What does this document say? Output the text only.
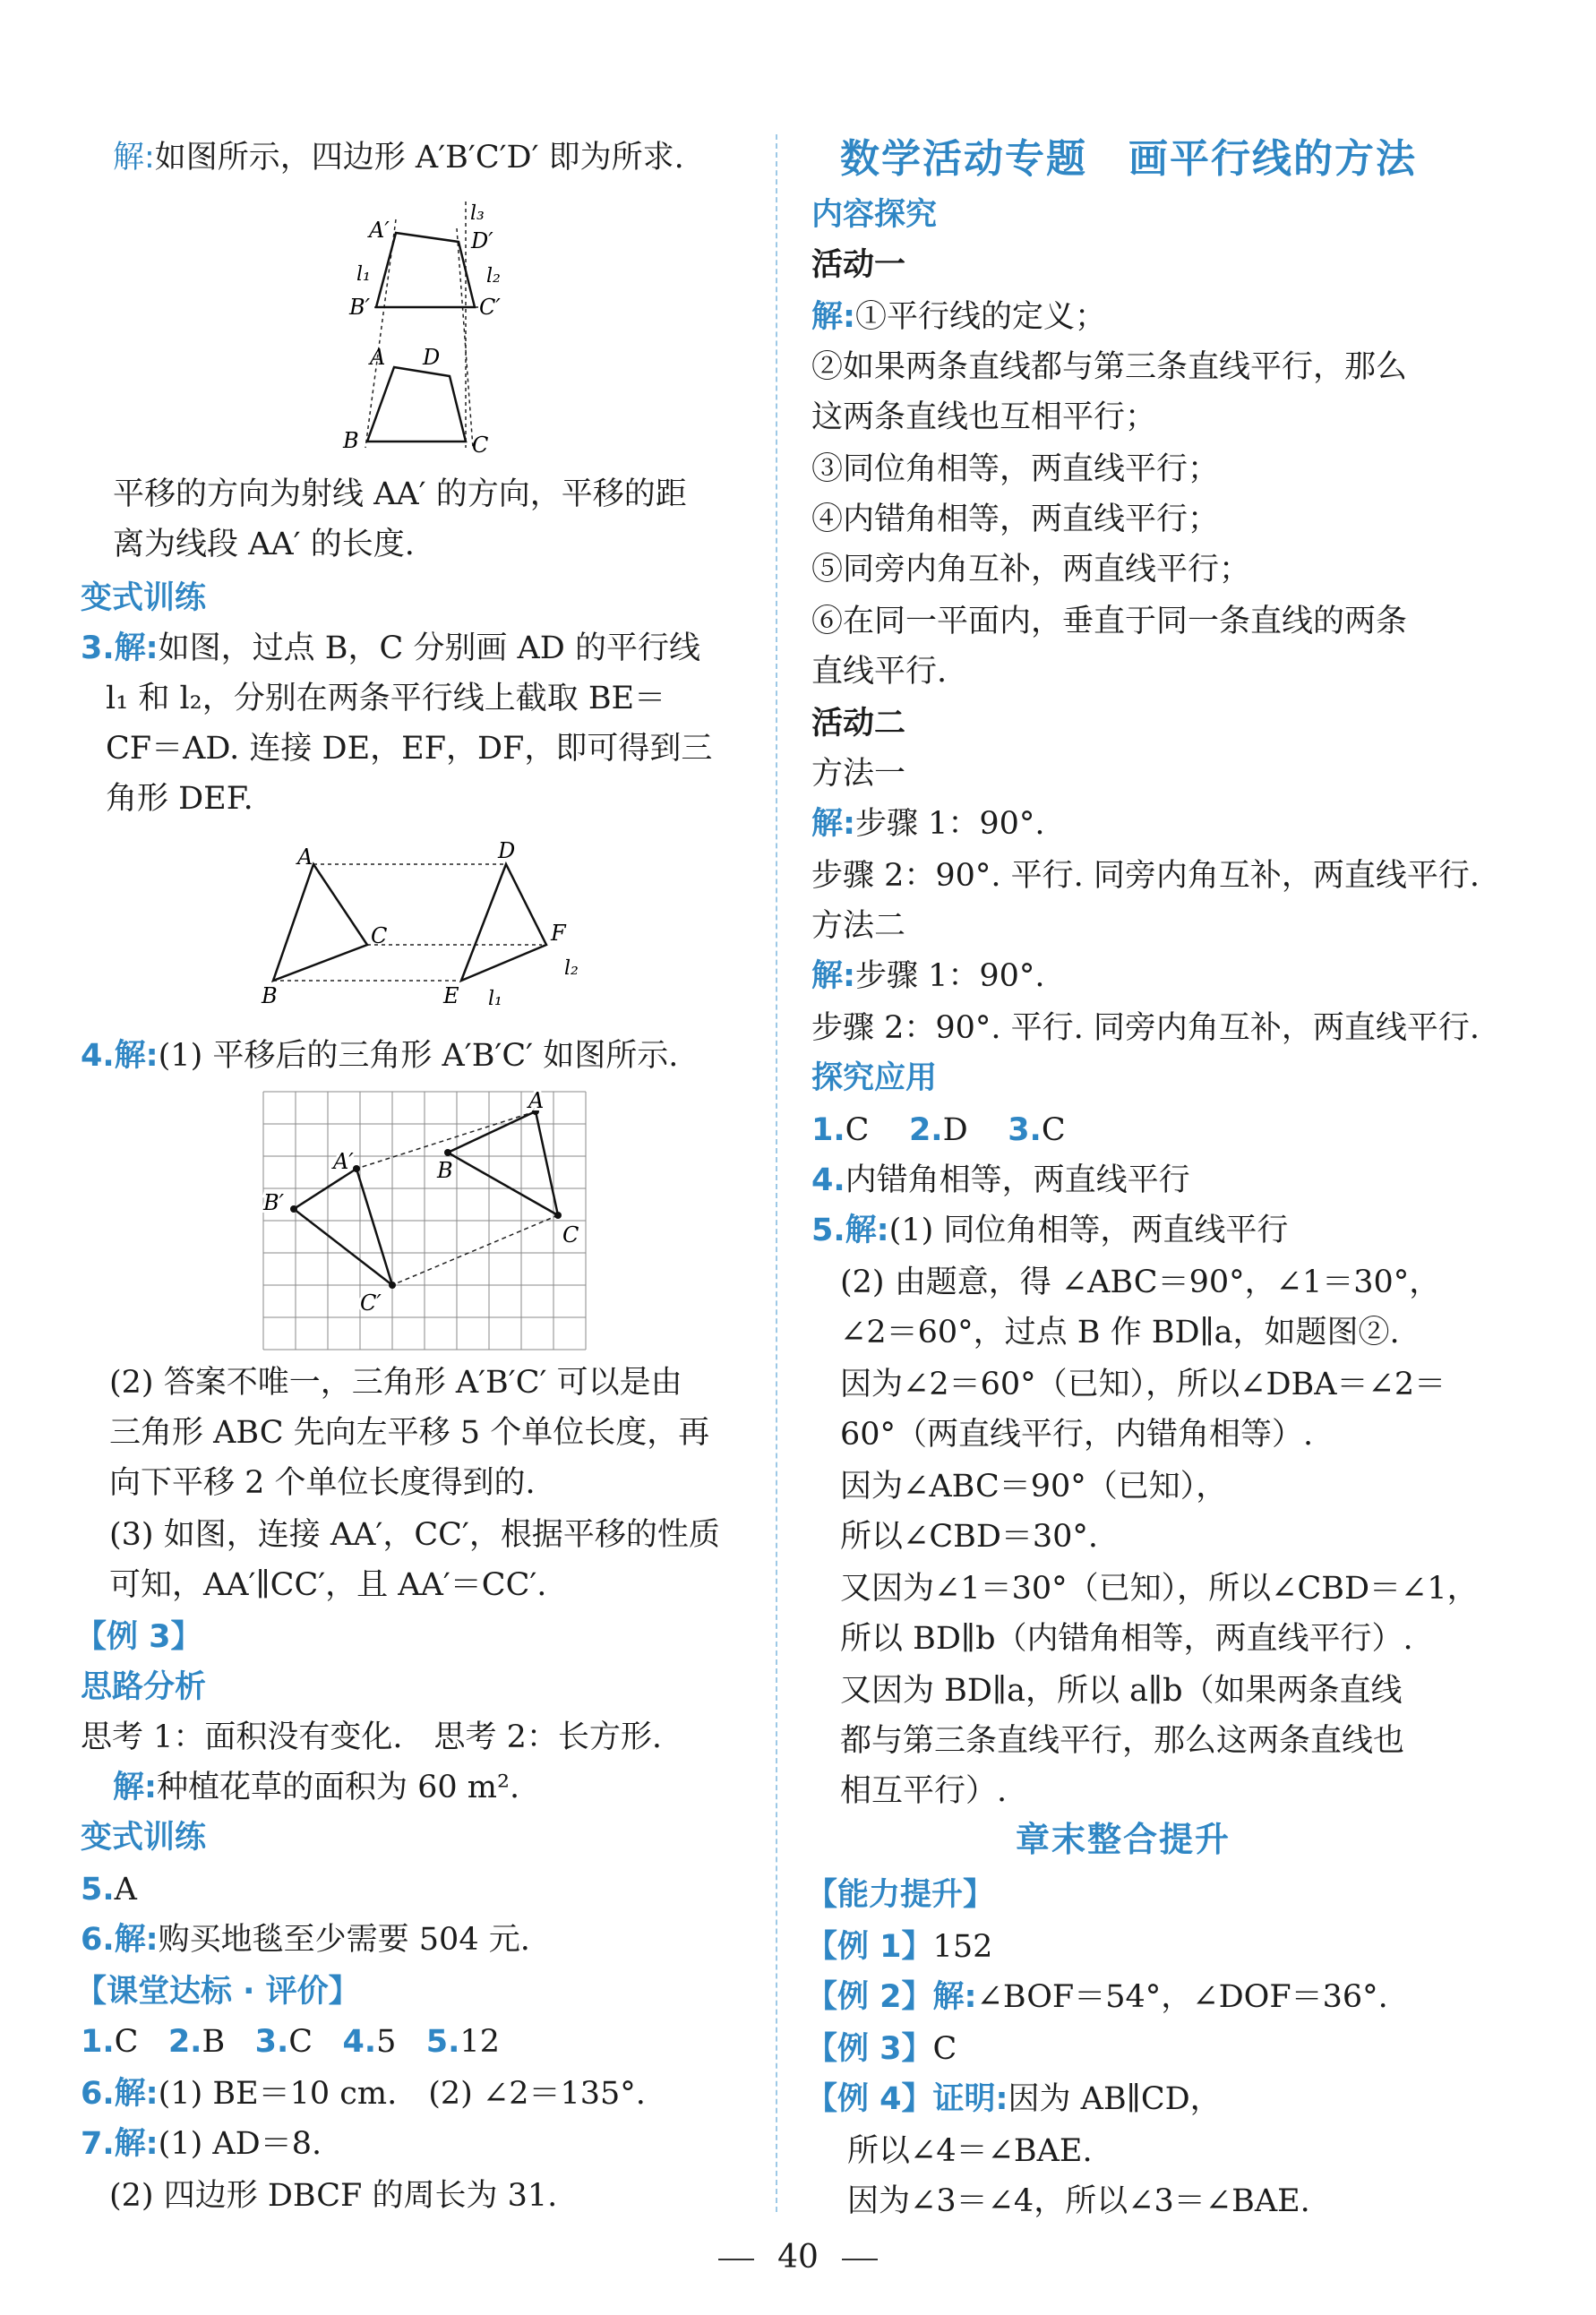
解:如图所示，四边形 A′B′C′D′ 即为所求.
A′	D′
l₃
l₁	l₂
B′	C′
A D
B	C
平移的方向为射线 AA′ 的方向，平移的距
离为线段 AA′ 的长度.
变式训练
3.解:如图，过点 B，C 分别画 AD 的平行线
l₁ 和 l₂，分别在两条平行线上截取 BE＝
CF＝AD. 连接 DE，EF，DF，即可得到三
角形 DEF.
A
B
C
D
E
F
l₁
l₂
4.解:(1) 平移后的三角形 A′B′C′ 如图所示.
A
B
C
A′
B′
C′
(2) 答案不唯一，三角形 A′B′C′ 可以是由
三角形 ABC 先向左平移 5 个单位长度，再
向下平移 2 个单位长度得到的.
(3) 如图，连接 AA′，CC′，根据平移的性质
可知，AA′∥CC′，且 AA′＝CC′.
【例 3】
思路分析
思考 1：面积没有变化.　思考 2：长方形.
解:种植花草的面积为 60 m².
变式训练
5.A
6.解:购买地毯至少需要 504 元.
【课堂达标 · 评价】
1.C 2.B 3.C 4.5 5.12
6.解:(1) BE＝10 cm.　(2) ∠2＝135°.
7.解:(1) AD＝8.
(2) 四边形 DBCF 的周长为 31.
数学活动专题　画平行线的方法
内容探究
活动一
解:①平行线的定义；
②如果两条直线都与第三条直线平行，那么
这两条直线也互相平行；
③同位角相等，两直线平行；
④内错角相等，两直线平行；
⑤同旁内角互补，两直线平行；
⑥在同一平面内，垂直于同一条直线的两条
直线平行.
活动二
方法一
解:步骤 1：90°.
步骤 2：90°. 平行. 同旁内角互补，两直线平行.
方法二
解:步骤 1：90°.
步骤 2：90°. 平行. 同旁内角互补，两直线平行.
探究应用
1.C 2.D 3.C
4.内错角相等，两直线平行
5.解:(1) 同位角相等，两直线平行
(2) 由题意，得 ∠ABC＝90°，∠1＝30°，
∠2＝60°，过点 B 作 BD∥a，如题图②.
因为∠2＝60°（已知），所以∠DBA＝∠2＝
60°（两直线平行，内错角相等）.
因为∠ABC＝90°（已知），
所以∠CBD＝30°.
又因为∠1＝30°（已知），所以∠CBD＝∠1，
所以 BD∥b（内错角相等，两直线平行）.
又因为 BD∥a，所以 a∥b（如果两条直线
都与第三条直线平行，那么这两条直线也
相互平行）.
章末整合提升
【能力提升】
【例 1】152
【例 2】解:∠BOF＝54°，∠DOF＝36°.
【例 3】C
【例 4】证明:因为 AB∥CD，
所以∠4＝∠BAE.
因为∠3＝∠4，所以∠3＝∠BAE.
40
